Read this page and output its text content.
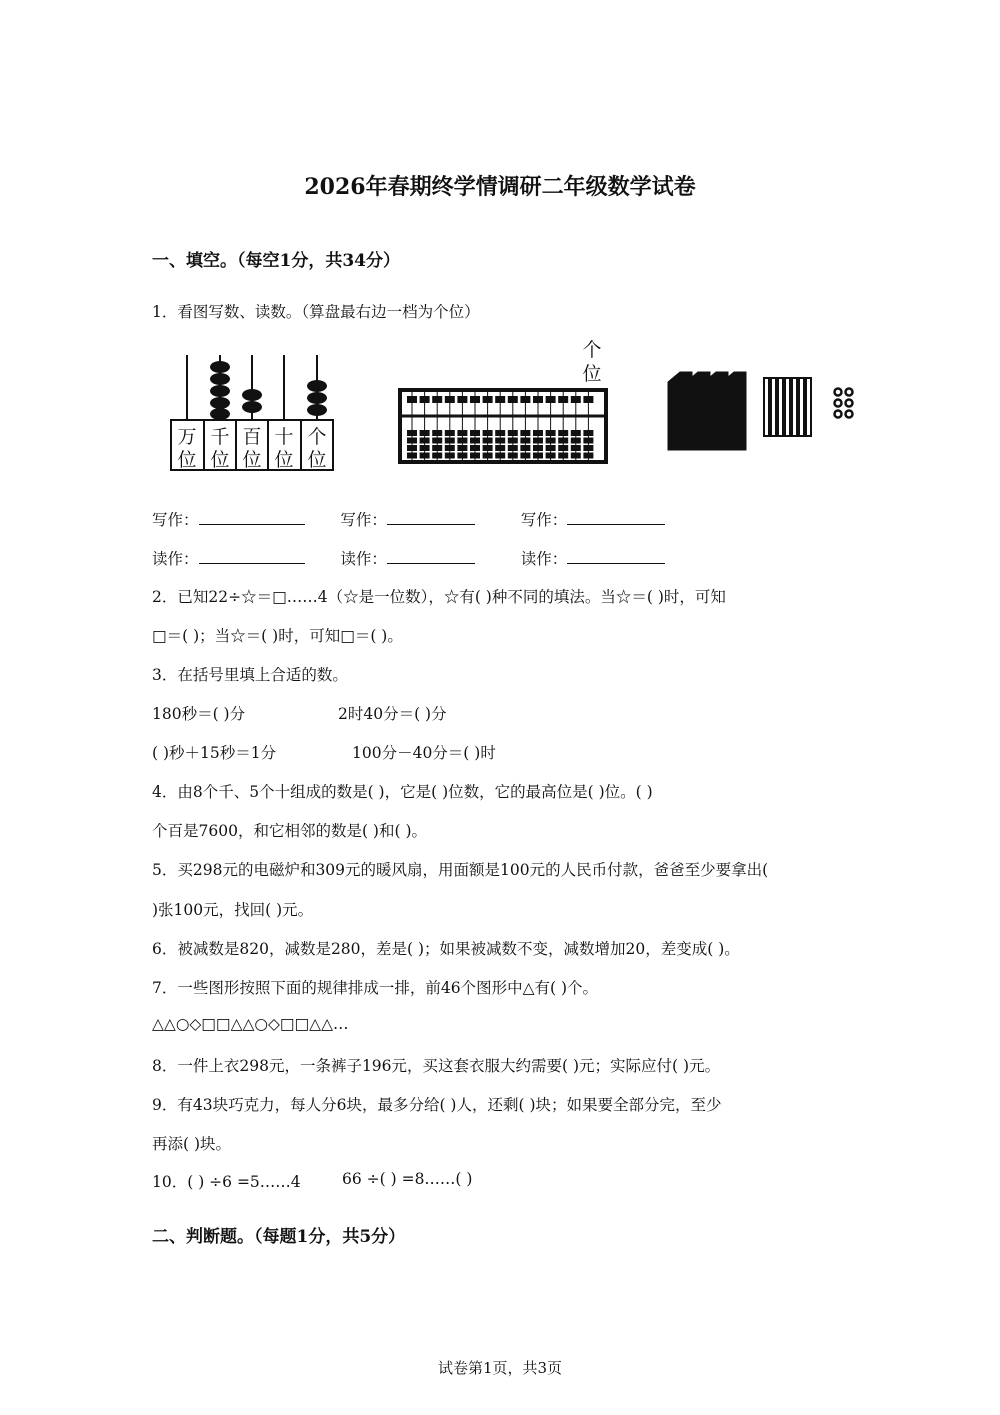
2026年春期终学情调研二年级数学试卷
一、填空。（每空1分，共34分）
1．看图写数、读数。（算盘最右边一档为个位）
万
位
千
位
百
位
十
位
个
位
个
位
写作：	写作：	写作：
读作：	读作：	读作：
2．已知22÷☆＝□……4（☆是一位数），☆有( )种不同的填法。当☆＝( )时，可知
□＝( )；当☆＝( )时，可知□＝( )。
3．在括号里填上合适的数。
180秒＝( )分	2时40分＝( )分
( )秒＋15秒＝1分	100分－40分＝( )时
4．由8个千、5个十组成的数是( )，它是( )位数，它的最高位是( )位。( )
个百是7600，和它相邻的数是( )和( )。
5．买298元的电磁炉和309元的暖风扇，用面额是100元的人民币付款，爸爸至少要拿出(
)张100元，找回( )元。
6．被减数是820，减数是280，差是( )；如果被减数不变，减数增加20，差变成( )。
7．一些图形按照下面的规律排成一排，前46个图形中△有( )个。
△△○◇□□△△○◇□□△△…
8．一件上衣298元，一条裤子196元，买这套衣服大约需要( )元；实际应付( )元。
9．有43块巧克力，每人分6块，最多分给( )人，还剩( )块；如果要全部分完，至少
再添( )块。
10．( ) ÷6 =5……4	66 ÷( ) =8……( )
二、判断题。（每题1分，共5分）
试卷第1页，共3页
